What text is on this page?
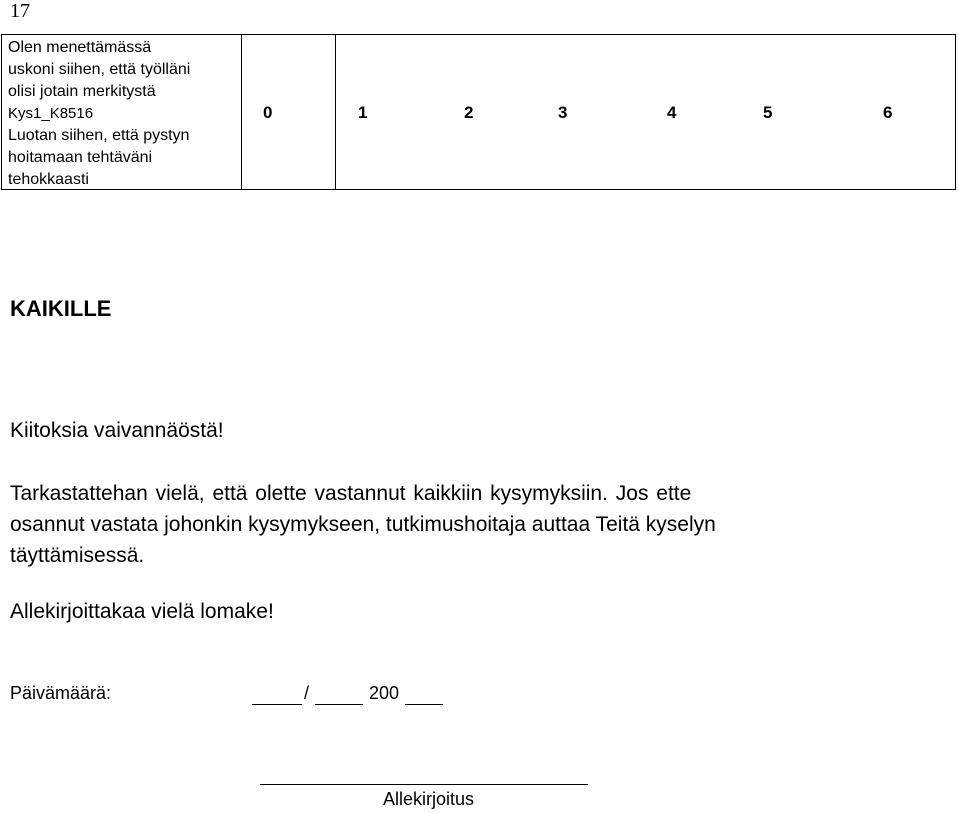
17
Olen menettämässä
uskoni siihen, että työlläni
olisi jotain merkitystä
Kys1_K8516
Luotan siihen, että pystyn
hoitamaan tehtäväni
tehokkaasti
0	1	2	3	4	5	6
KAIKILLE
Kiitoksia vaivannäöstä!
Tarkastattehan vielä, että olette vastannut kaikkiin kysymyksiin. Jos ette
osannut vastata johonkin kysymykseen, tutkimushoitaja auttaa Teitä kyselyn
täyttämisessä.
Allekirjoittakaa vielä lomake!
Päivämäärä:	/	200
Allekirjoitus
